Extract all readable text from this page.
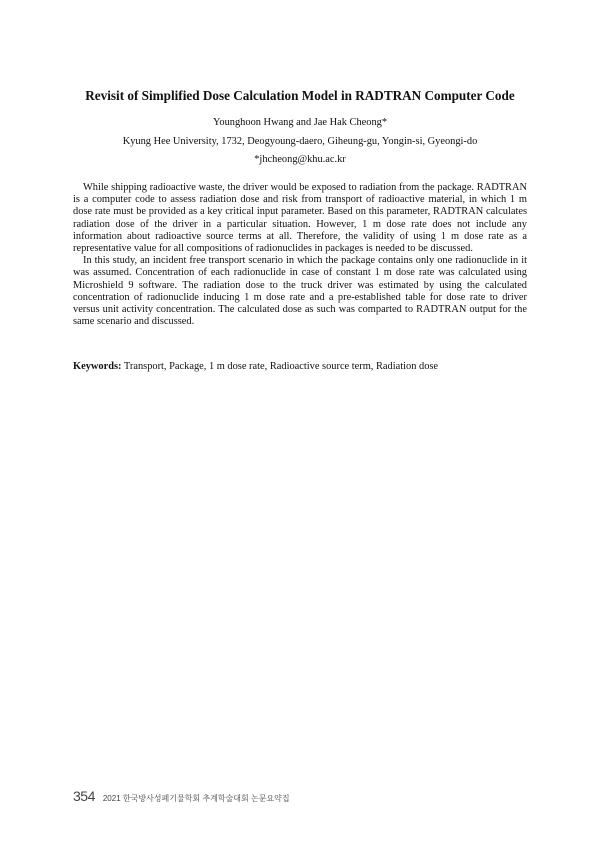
Revisit of Simplified Dose Calculation Model in RADTRAN Computer Code

Younghoon Hwang and Jae Hak Cheong*

Kyung Hee University, 1732, Deogyoung-daero, Giheung-gu, Yongin-si, Gyeongi-do

*jhcheong@khu.ac.kr

While shipping radioactive waste, the driver would be exposed to radiation from the package. RADTRAN is a computer code to assess radiation dose and risk from transport of radioactive material, in which 1 m dose rate must be provided as a key critical input parameter. Based on this parameter, RADTRAN calculates radiation dose of the driver in a particular situation. However, 1 m dose rate does not include any information about radioactive source terms at all. Therefore, the validity of using 1 m dose rate as a representative value for all compositions of radionuclides in packages is needed to be discussed.

In this study, an incident free transport scenario in which the package contains only one radionuclide in it was assumed. Concentration of each radionuclide in case of constant 1 m dose rate was calculated using Microshield 9 software. The radiation dose to the truck driver was estimated by using the calculated concentration of radionuclide inducing 1 m dose rate and a pre-established table for dose rate to driver versus unit activity concentration. The calculated dose as such was comparted to RADTRAN output for the same scenario and discussed.

Keywords: Transport, Package, 1 m dose rate, Radioactive source term, Radiation dose

354 2021 한국방사성폐기물학회 추계학술대회 논문요약집
